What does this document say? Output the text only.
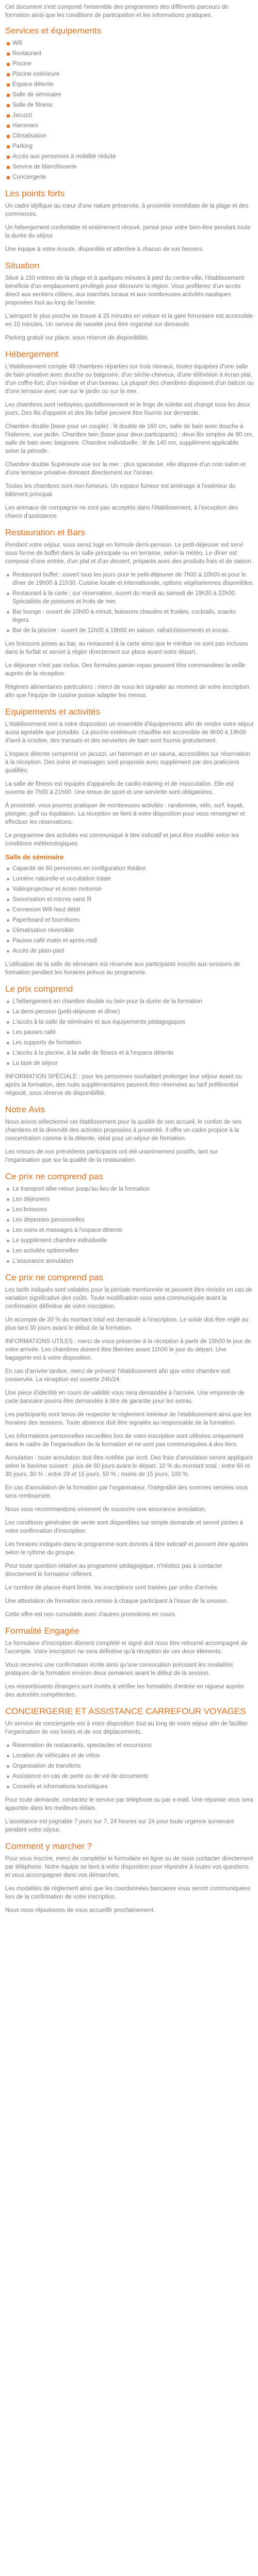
Cet document s'est comporté l'ensemble des programmes des différents parcours de formation ainsi que les conditions de participation et les informations pratiques.

Services et équipements
Wifi
Restaurant
Piscine
Piscine extérieure
Espace détente
Salle de séminaire
Salle de fitness
Jacuzzi
Hammam
Climatisation
Parking
Accès aux personnes à mobilité réduite
Service de blanchisserie
Conciergerie
Les points forts

Un cadre idyllique au cœur d'une nature préservée, à proximité immédiate de la plage et des commerces.

Un hébergement confortable et entièrement rénové, pensé pour votre bien-être pendant toute la durée du séjour.

Une équipe à votre écoute, disponible et attentive à chacun de vos besoins.

Situation

Situé à 150 mètres de la plage et à quelques minutes à pied du centre-ville, l'établissement bénéficie d'un emplacement privilégié pour découvrir la région. Vous profiterez d'un accès direct aux sentiers côtiers, aux marchés locaux et aux nombreuses activités nautiques proposées tout au long de l'année.

L'aéroport le plus proche se trouve à 25 minutes en voiture et la gare ferroviaire est accessible en 10 minutes. Un service de navette peut être organisé sur demande.

Parking gratuit sur place, sous réserve de disponibilité.

Hébergement

L'établissement compte 48 chambres réparties sur trois niveaux, toutes équipées d'une salle de bain privative avec douche ou baignoire, d'un sèche-cheveux, d'une télévision à écran plat, d'un coffre-fort, d'un minibar et d'un bureau. La plupart des chambres disposent d'un balcon ou d'une terrasse avec vue sur le jardin ou sur la mer.

Les chambres sont nettoyées quotidiennement et le linge de toilette est changé tous les deux jours. Des lits d'appoint et des lits bébé peuvent être fournis sur demande.

Chambre double (base pour un couple) : lit double de 160 cm, salle de bain avec douche à l'italienne, vue jardin. Chambre twin (base pour deux participants) : deux lits simples de 90 cm, salle de bain avec baignoire. Chambre individuelle : lit de 140 cm, supplément applicable selon la période.

Chambre double Supérieure vue sur la mer : plus spacieuse, elle dispose d'un coin salon et d'une terrasse privative donnant directement sur l'océan.

Toutes les chambres sont non-fumeurs. Un espace fumeur est aménagé à l'extérieur du bâtiment principal.

Les animaux de compagnie ne sont pas acceptés dans l'établissement, à l'exception des chiens d'assistance.

Restauration et Bars

Pendant votre séjour, vous serez logé en formule demi-pension. Le petit-déjeuner est servi sous forme de buffet dans la salle principale ou en terrasse, selon la météo. Le dîner est composé d'une entrée, d'un plat et d'un dessert, préparés avec des produits frais et de saison.

Restaurant buffet : ouvert tous les jours pour le petit-déjeuner de 7h00 à 10h00 et pour le dîner de 19h00 à 21h30. Cuisine locale et internationale, options végétariennes disponibles.
Restaurant à la carte : sur réservation, ouvert du mardi au samedi de 19h30 à 22h00. Spécialités de poissons et fruits de mer.
Bar lounge : ouvert de 10h00 à minuit, boissons chaudes et froides, cocktails, snacks légers.
Bar de la piscine : ouvert de 11h00 à 18h00 en saison, rafraîchissements et encas.

Les boissons prises au bar, au restaurant à la carte ainsi que le minibar ne sont pas incluses dans le forfait et seront à régler directement sur place avant votre départ.

Le déjeuner n'est pas inclus. Des formules panier-repas peuvent être commandées la veille auprès de la réception.

Régimes alimentaires particuliers : merci de nous les signaler au moment de votre inscription afin que l'équipe de cuisine puisse adapter les menus.

Equipements et activités

L'établissement met à votre disposition un ensemble d'équipements afin de rendre votre séjour aussi agréable que possible. La piscine extérieure chauffée est accessible de 9h00 à 19h00 d'avril à octobre, des transats et des serviettes de bain sont fournis gratuitement.

L'espace détente comprend un jacuzzi, un hammam et un sauna, accessibles sur réservation à la réception. Des soins et massages sont proposés avec supplément par des praticiens qualifiés.

La salle de fitness est équipée d'appareils de cardio-training et de musculation. Elle est ouverte de 7h00 à 21h00. Une tenue de sport et une serviette sont obligatoires.

À proximité, vous pourrez pratiquer de nombreuses activités : randonnée, vélo, surf, kayak, plongée, golf ou équitation. La réception se tient à votre disposition pour vous renseigner et effectuer les réservations.

Le programme des activités est communiqué à titre indicatif et peut être modifié selon les conditions météorologiques.

Salle de séminaire
Capacité de 60 personnes en configuration théâtre
Lumière naturelle et occultation totale
Vidéoprojecteur et écran motorisé
Sonorisation et micros sans fil
Connexion Wifi haut débit
Paperboard et fournitures
Climatisation réversible
Pauses café matin et après-midi
Accès de plain-pied

L'utilisation de la salle de séminaire est réservée aux participants inscrits aux sessions de formation pendant les horaires prévus au programme.

Le prix comprend
L'hébergement en chambre double ou twin pour la durée de la formation
La demi-pension (petit-déjeuner et dîner)
L'accès à la salle de séminaire et aux équipements pédagogiques
Les pauses café
Les supports de formation
L'accès à la piscine, à la salle de fitness et à l'espace détente
La taxe de séjour

INFORMATION SPÉCIALE : pour les personnes souhaitant prolonger leur séjour avant ou après la formation, des nuits supplémentaires peuvent être réservées au tarif préférentiel négocié, sous réserve de disponibilité.

Notre Avis

Nous avons sélectionné cet établissement pour la qualité de son accueil, le confort de ses chambres et la diversité des activités proposées à proximité. Il offre un cadre propice à la concentration comme à la détente, idéal pour un séjour de formation.

Les retours de nos précédents participants ont été unanimement positifs, tant sur l'organisation que sur la qualité de la restauration.

Ce prix ne comprend pas
Le transport aller-retour jusqu'au lieu de la formation
Les déjeuners
Les boissons
Les dépenses personnelles
Les soins et massages à l'espace détente
Le supplément chambre individuelle
Les activités optionnelles
L'assurance annulation
Ce prix ne comprend pas

Les tarifs indiqués sont valables pour la période mentionnée et peuvent être révisés en cas de variation significative des coûts. Toute modification vous sera communiquée avant la confirmation définitive de votre inscription.

Un acompte de 30 % du montant total est demandé à l'inscription. Le solde doit être réglé au plus tard 30 jours avant le début de la formation.

INFORMATIONS UTILES : merci de vous présenter à la réception à partir de 15h00 le jour de votre arrivée. Les chambres doivent être libérées avant 11h00 le jour du départ. Une bagagerie est à votre disposition.

En cas d'arrivée tardive, merci de prévenir l'établissement afin que votre chambre soit conservée. La réception est ouverte 24h/24.

Une pièce d'identité en cours de validité vous sera demandée à l'arrivée. Une empreinte de carte bancaire pourra être demandée à titre de garantie pour les extras.

Les participants sont tenus de respecter le règlement intérieur de l'établissement ainsi que les horaires des sessions. Toute absence doit être signalée au responsable de la formation.

Les informations personnelles recueillies lors de votre inscription sont utilisées uniquement dans le cadre de l'organisation de la formation et ne sont pas communiquées à des tiers.

Annulation : toute annulation doit être notifiée par écrit. Des frais d'annulation seront appliqués selon le barème suivant : plus de 60 jours avant le départ, 10 % du montant total ; entre 60 et 30 jours, 30 % ; entre 29 et 15 jours, 50 % ; moins de 15 jours, 100 %.

En cas d'annulation de la formation par l'organisateur, l'intégralité des sommes versées vous sera remboursée.

Nous vous recommandons vivement de souscrire une assurance annulation.

Les conditions générales de vente sont disponibles sur simple demande et seront jointes à votre confirmation d'inscription.

Les horaires indiqués dans le programme sont donnés à titre indicatif et peuvent être ajustés selon le rythme du groupe.

Pour toute question relative au programme pédagogique, n'hésitez pas à contacter directement le formateur référent.

Le nombre de places étant limité, les inscriptions sont traitées par ordre d'arrivée.

Une attestation de formation sera remise à chaque participant à l'issue de la session.

Cette offre est non cumulable avec d'autres promotions en cours.

Formalité Engagée

Le formulaire d'inscription dûment complété et signé doit nous être retourné accompagné de l'acompte. Votre inscription ne sera définitive qu'à réception de ces deux éléments.

Vous recevrez une confirmation écrite ainsi qu'une convocation précisant les modalités pratiques de la formation environ deux semaines avant le début de la session.

Les ressortissants étrangers sont invités à vérifier les formalités d'entrée en vigueur auprès des autorités compétentes.

CONCIERGERIE ET ASSISTANCE CARREFOUR VOYAGES

Un service de conciergerie est à votre disposition tout au long de votre séjour afin de faciliter l'organisation de vos loisirs et de vos déplacements.

Réservation de restaurants, spectacles et excursions
Location de véhicules et de vélos
Organisation de transferts
Assistance en cas de perte ou de vol de documents
Conseils et informations touristiques

Pour toute demande, contactez le service par téléphone ou par e-mail. Une réponse vous sera apportée dans les meilleurs délais.

L'assistance est joignable 7 jours sur 7, 24 heures sur 24 pour toute urgence survenant pendant votre séjour.

Comment y marcher ?

Pour vous inscrire, merci de compléter le formulaire en ligne ou de nous contacter directement par téléphone. Notre équipe se tient à votre disposition pour répondre à toutes vos questions et vous accompagner dans vos démarches.

Les modalités de règlement ainsi que les coordonnées bancaires vous seront communiquées lors de la confirmation de votre inscription.

Nous nous réjouissons de vous accueillir prochainement.
